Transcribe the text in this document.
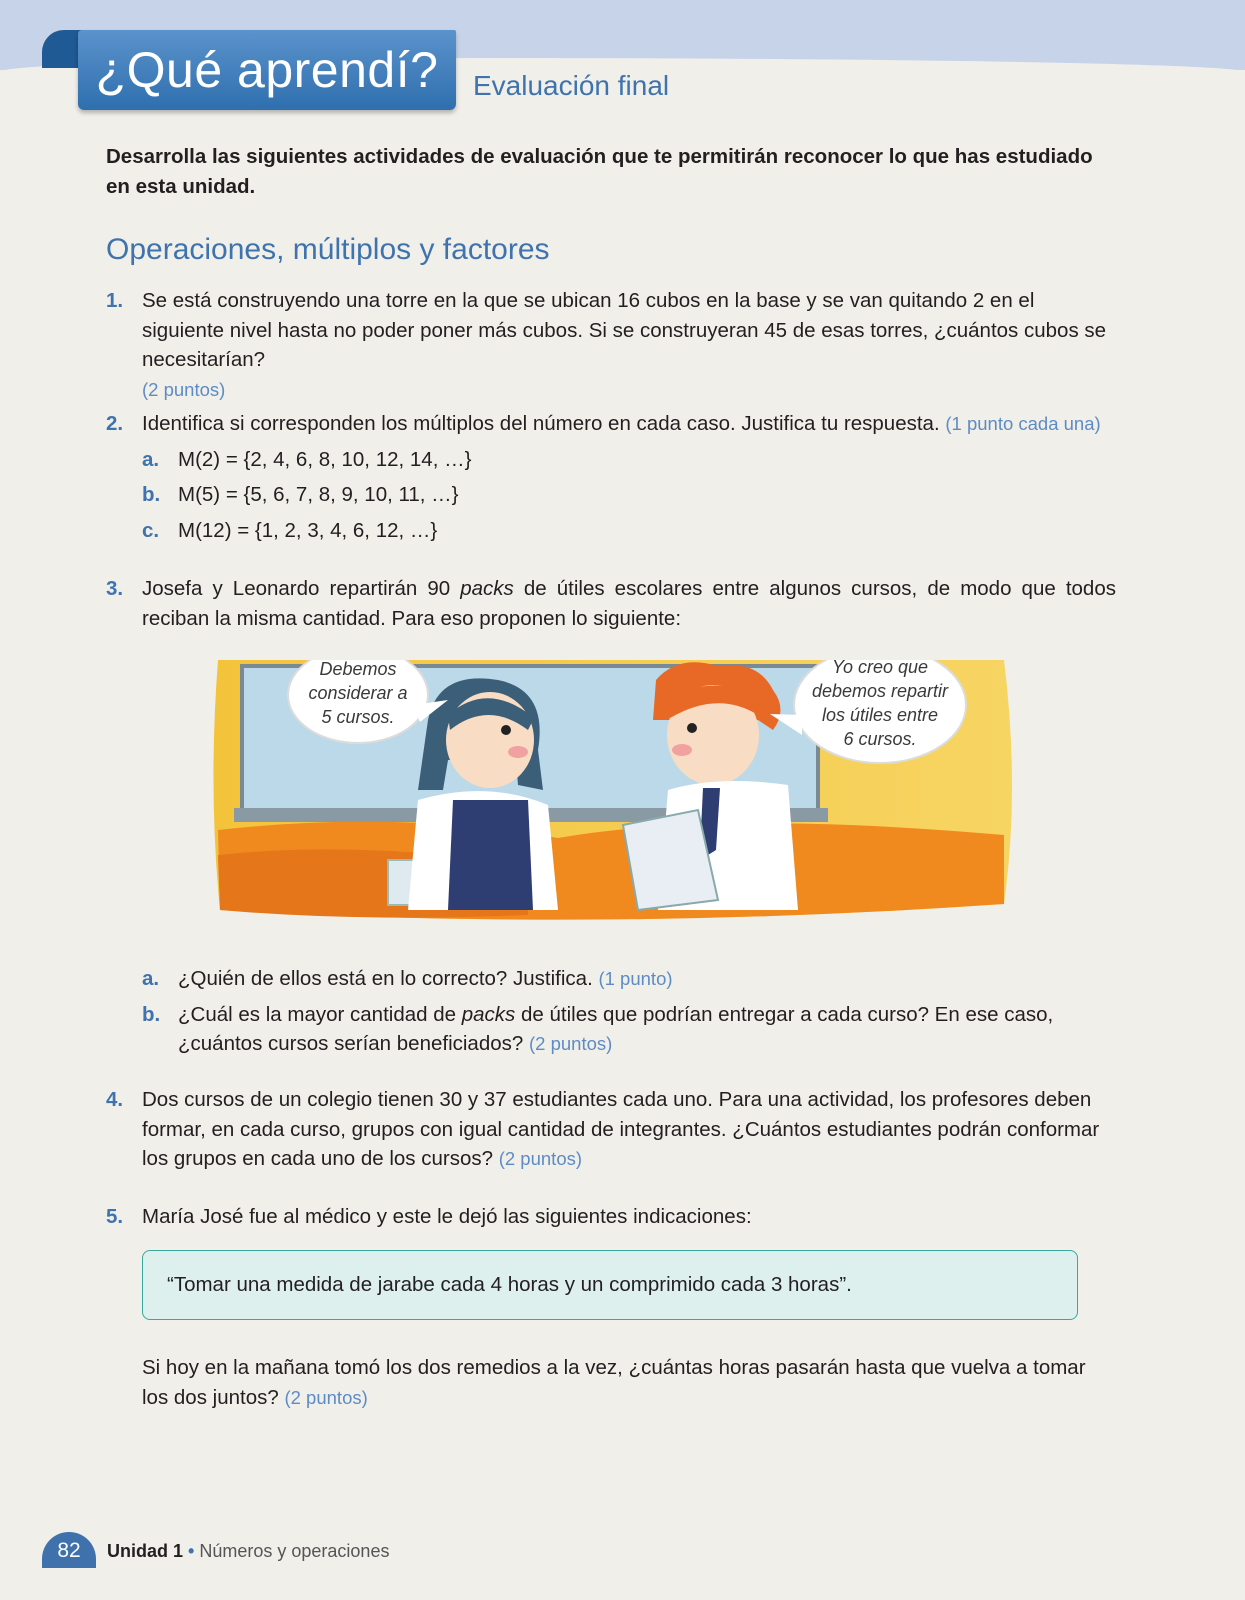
¿Qué aprendí? Evaluación final
Desarrolla las siguientes actividades de evaluación que te permitirán reconocer lo que has estudiado en esta unidad.
Operaciones, múltiplos y factores
1. Se está construyendo una torre en la que se ubican 16 cubos en la base y se van quitando 2 en el siguiente nivel hasta no poder poner más cubos. Si se construyeran 45 de esas torres, ¿cuántos cubos se necesitarían?
(2 puntos)
2. Identifica si corresponden los múltiplos del número en cada caso. Justifica tu respuesta. (1 punto cada una)
a. M(2) = {2, 4, 6, 8, 10, 12, 14, …}
b. M(5) = {5, 6, 7, 8, 9, 10, 11, …}
c. M(12) = {1, 2, 3, 4, 6, 12, …}
3. Josefa y Leonardo repartirán 90 packs de útiles escolares entre algunos cursos, de modo que todos reciban la misma cantidad. Para eso proponen lo siguiente:
Debemos
considerar a
5 cursos.
Yo creo que
debemos repartir
los útiles entre
6 cursos.
a. ¿Quién de ellos está en lo correcto? Justifica. (1 punto)
b. ¿Cuál es la mayor cantidad de packs de útiles que podrían entregar a cada curso? En ese caso, ¿cuántos cursos serían beneficiados? (2 puntos)
4. Dos cursos de un colegio tienen 30 y 37 estudiantes cada uno. Para una actividad, los profesores deben formar, en cada curso, grupos con igual cantidad de integrantes. ¿Cuántos estudiantes podrán conformar los grupos en cada uno de los cursos? (2 puntos)
5. María José fue al médico y este le dejó las siguientes indicaciones:
“Tomar una medida de jarabe cada 4 horas y un comprimido cada 3 horas”.
Si hoy en la mañana tomó los dos remedios a la vez, ¿cuántas horas pasarán hasta que vuelva a tomar los dos juntos? (2 puntos)
82	Unidad 1 • Números y operaciones
